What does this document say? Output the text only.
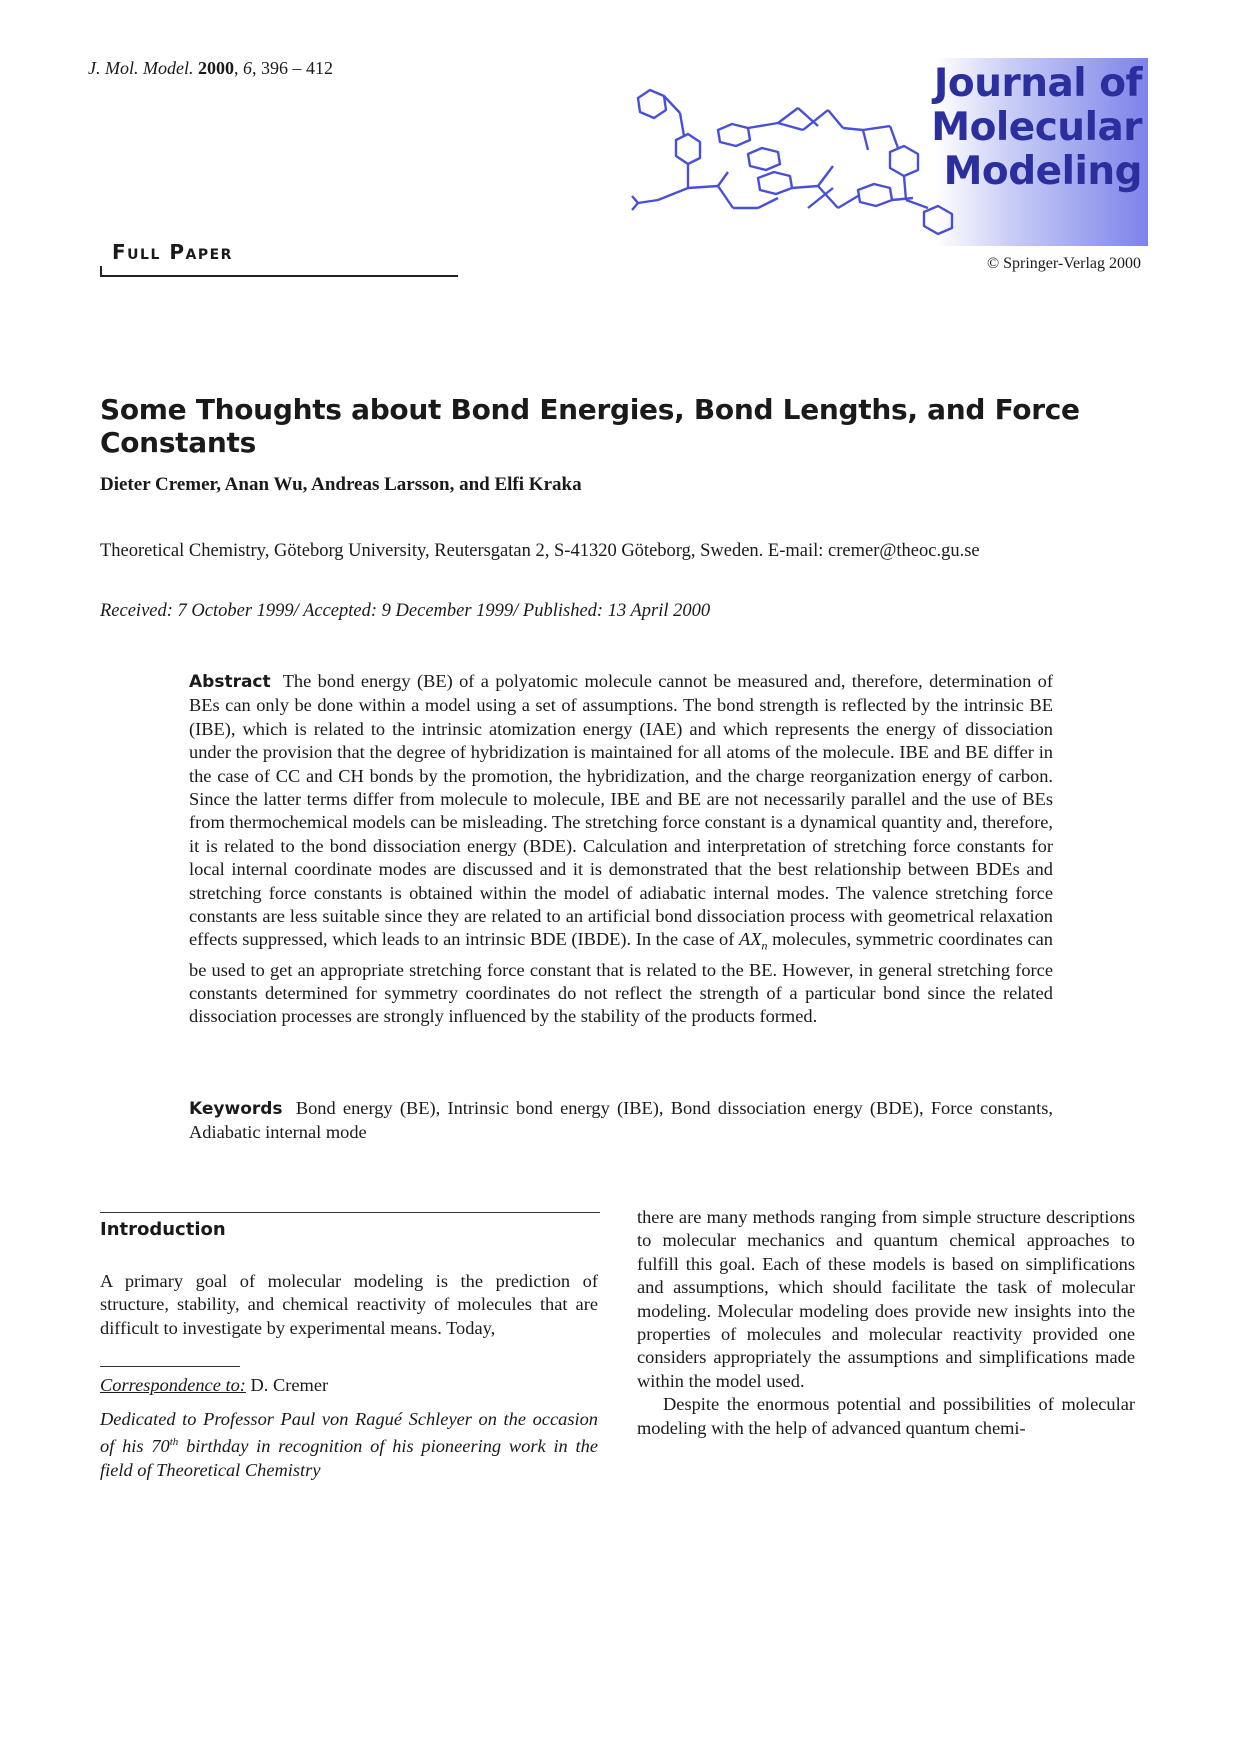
J. Mol. Model. 2000, 6, 396 – 412	Journal of
Molecular
Modeling
© Springer-Verlag 2000
Full Paper
Some Thoughts about Bond Energies, Bond Lengths, and Force Constants
Dieter Cremer, Anan Wu, Andreas Larsson, and Elfi Kraka
Theoretical Chemistry, Göteborg University, Reutersgatan 2, S-41320 Göteborg, Sweden. E-mail: cremer@theoc.gu.se
Received: 7 October 1999/ Accepted: 9 December 1999/ Published: 13 April 2000
Abstract The bond energy (BE) of a polyatomic molecule cannot be measured and, therefore, determination of BEs can only be done within a model using a set of assumptions. The bond strength is reflected by the intrinsic BE (IBE), which is related to the intrinsic atomization energy (IAE) and which represents the energy of dissociation under the provision that the degree of hybridization is maintained for all atoms of the molecule. IBE and BE differ in the case of CC and CH bonds by the promotion, the hybridization, and the charge reorganization energy of carbon. Since the latter terms differ from molecule to molecule, IBE and BE are not necessarily parallel and the use of BEs from thermochemical models can be misleading. The stretching force constant is a dynamical quantity and, therefore, it is related to the bond dissociation energy (BDE). Calculation and interpretation of stretching force constants for local internal coordinate modes are discussed and it is demonstrated that the best relationship between BDEs and stretching force constants is obtained within the model of adiabatic internal modes. The valence stretching force constants are less suitable since they are related to an artificial bond dissociation process with geometrical relaxation effects suppressed, which leads to an intrinsic BDE (IBDE). In the case of $AX_n$ molecules, symmetric coordinates can be used to get an appropriate stretching force constant that is related to the BE. However, in general stretching force constants determined for symmetry coordinates do not reflect the strength of a particular bond since the related dissociation processes are strongly influenced by the stability of the products formed.
Keywords Bond energy (BE), Intrinsic bond energy (IBE), Bond dissociation energy (BDE), Force constants, Adiabatic internal mode
Introduction
A primary goal of molecular modeling is the prediction of structure, stability, and chemical reactivity of molecules that are difficult to investigate by experimental means. Today,
Correspondence to: D. Cremer
Dedicated to Professor Paul von Ragué Schleyer on the occasion of his 70th birthday in recognition of his pioneering work in the field of Theoretical Chemistry

there are many methods ranging from simple structure descriptions to molecular mechanics and quantum chemical approaches to fulfill this goal. Each of these models is based on simplifications and assumptions, which should facilitate the task of molecular modeling. Molecular modeling does provide new insights into the properties of molecules and molecular reactivity provided one considers appropriately the assumptions and simplifications made within the model used.

Despite the enormous potential and possibilities of molecular modeling with the help of advanced quantum chemi-
